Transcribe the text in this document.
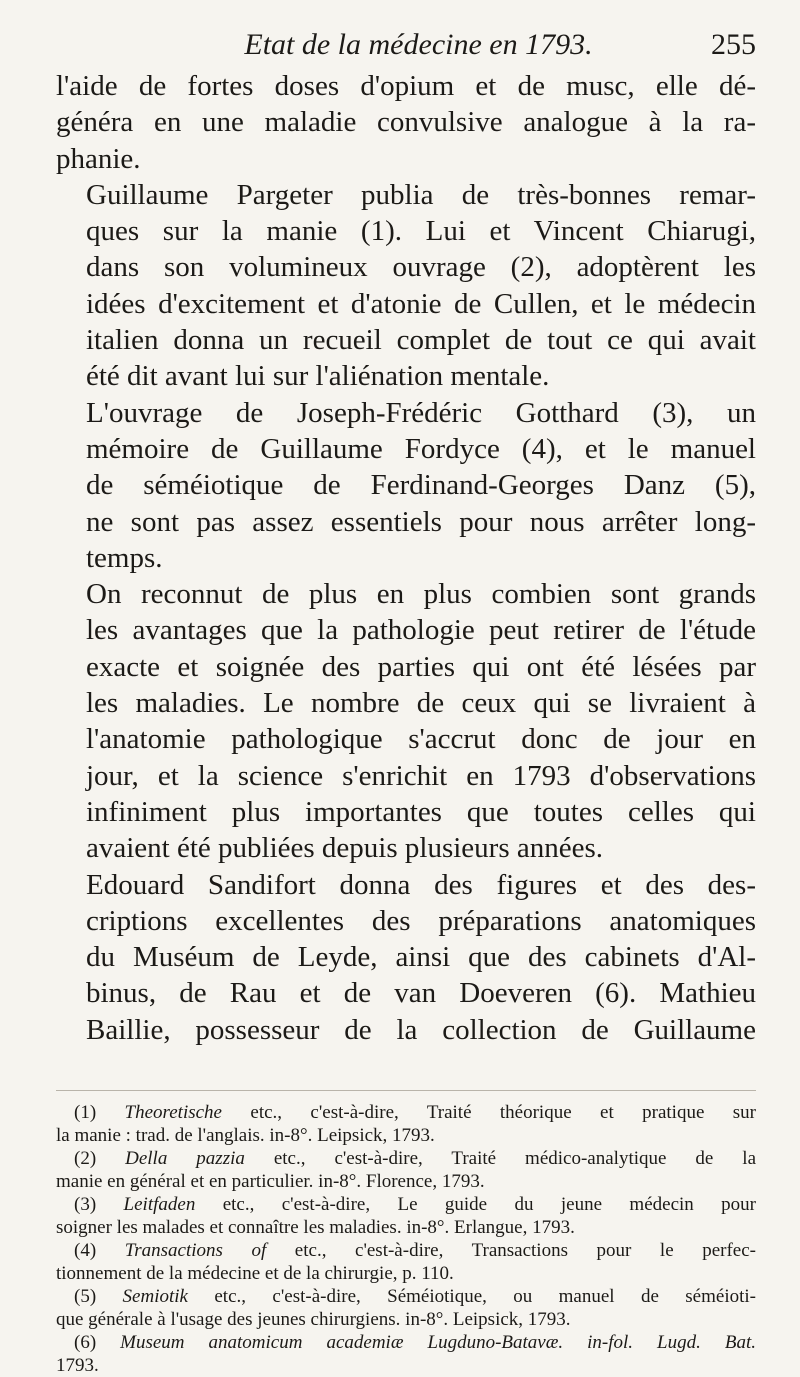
Etat de la médecine en 1793.	255

l'aide de fortes doses d'opium et de musc, elle dé-
généra en une maladie convulsive analogue à la ra-
phanie.

Guillaume Pargeter publia de très-bonnes remar-
ques sur la manie (1). Lui et Vincent Chiarugi,
dans son volumineux ouvrage (2), adoptèrent les
idées d'excitement et d'atonie de Cullen, et le médecin
italien donna un recueil complet de tout ce qui avait
été dit avant lui sur l'aliénation mentale.

L'ouvrage de Joseph-Frédéric Gotthard (3), un
mémoire de Guillaume Fordyce (4), et le manuel
de séméiotique de Ferdinand-Georges Danz (5),
ne sont pas assez essentiels pour nous arrêter long-
temps.

On reconnut de plus en plus combien sont grands
les avantages que la pathologie peut retirer de l'étude
exacte et soignée des parties qui ont été lésées par
les maladies. Le nombre de ceux qui se livraient à
l'anatomie pathologique s'accrut donc de jour en
jour, et la science s'enrichit en 1793 d'observations
infiniment plus importantes que toutes celles qui
avaient été publiées depuis plusieurs années.

Edouard Sandifort donna des figures et des des-
criptions excellentes des préparations anatomiques
du Muséum de Leyde, ainsi que des cabinets d'Al-
binus, de Rau et de van Doeveren (6). Mathieu
Baillie, possesseur de la collection de Guillaume

(1) Theoretische etc., c'est-à-dire, Traité théorique et pratique sur
la manie : trad. de l'anglais. in-8°. Leipsick, 1793.
(2) Della pazzia etc., c'est-à-dire, Traité médico-analytique de la
manie en général et en particulier. in-8°. Florence, 1793.
(3) Leitfaden etc., c'est-à-dire, Le guide du jeune médecin pour
soigner les malades et connaître les maladies. in-8°. Erlangue, 1793.
(4) Transactions of etc., c'est-à-dire, Transactions pour le perfec-
tionnement de la médecine et de la chirurgie, p. 110.
(5) Semiotik etc., c'est-à-dire, Séméiotique, ou manuel de séméioti-
que générale à l'usage des jeunes chirurgiens. in-8°. Leipsick, 1793.
(6) Museum anatomicum academiæ Lugduno-Batavæ. in-fol. Lugd. Bat.
1793.
